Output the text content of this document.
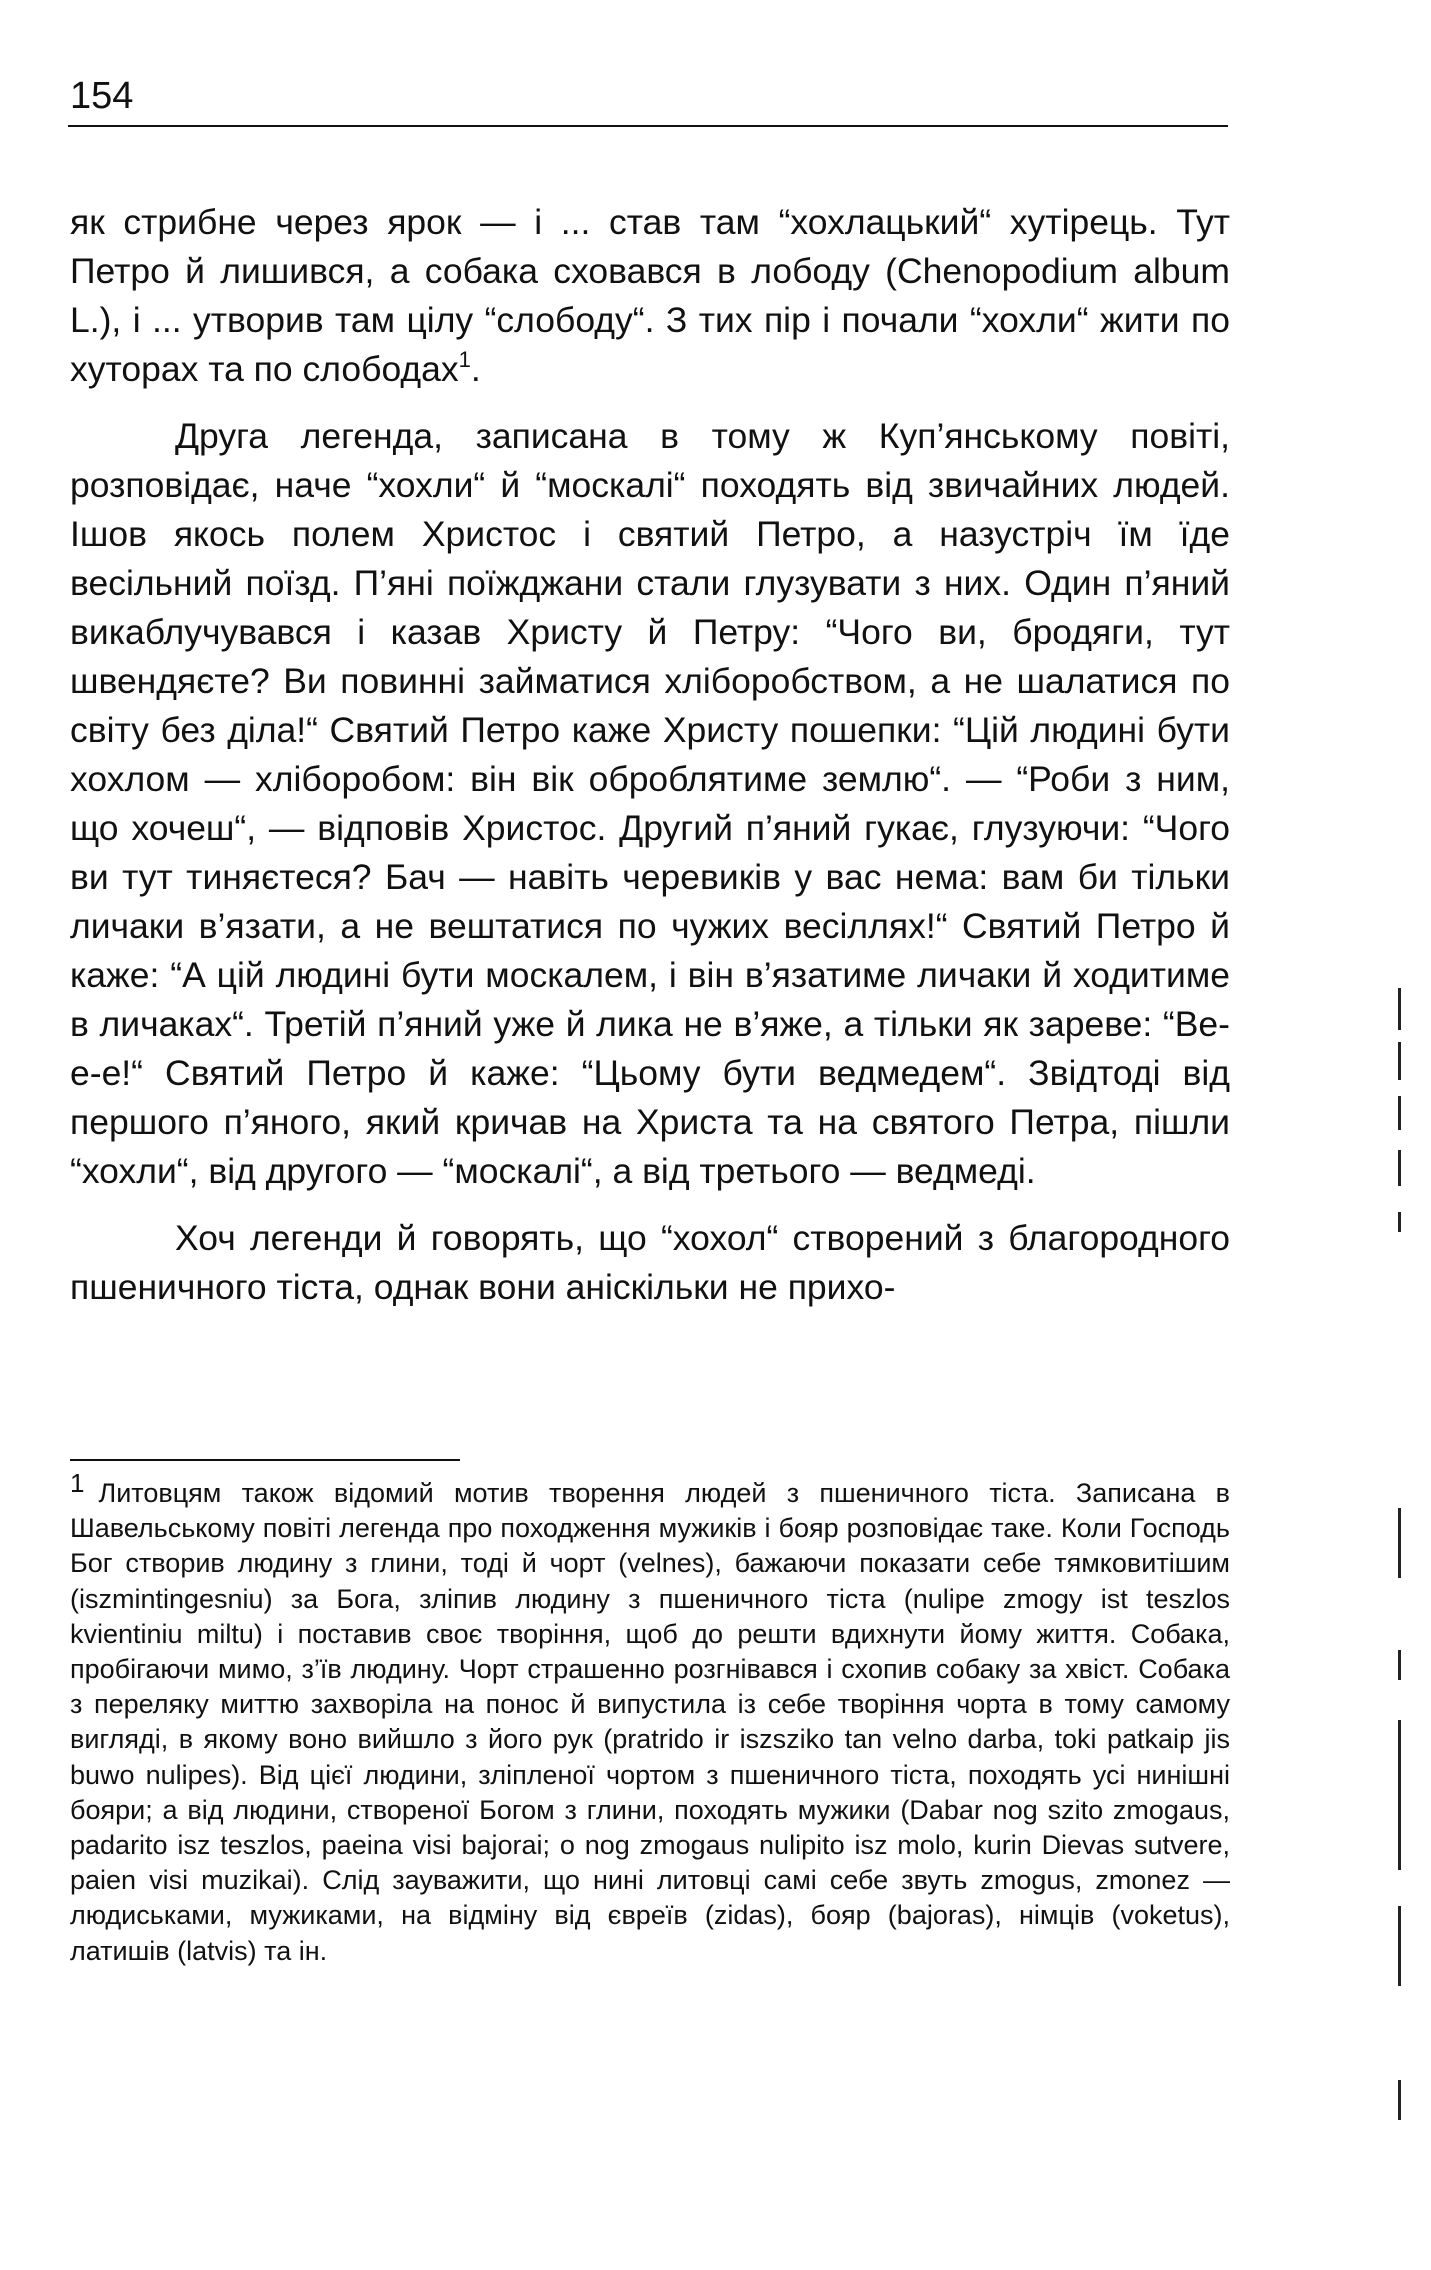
154

як стрибне через ярок — і ... став там “хохлацький“ хутірець. Тут Петро й лишився, а собака сховався в лободу (Chenopodium album L.), і ... утворив там цілу “слободу“. З тих пір і почали “хохли“ жити по хуторах та по слободах$^1$.

Друга легенда, записана в тому ж Куп’янському повіті, розповідає, наче “хохли“ й “москалі“ походять від звичайних людей. Ішов якось полем Христос і святий Петро, а назустріч їм їде весільний поїзд. П’яні поїжджани стали глузувати з них. Один п’яний викаблучувався і казав Христу й Петру: “Чого ви, бродяги, тут швендяєте? Ви повинні займатися хліборобством, а не шалатися по світу без діла!“ Святий Петро каже Христу пошепки: “Цій людині бути хохлом — хліборобом: він вік оброблятиме землю“. — “Роби з ним, що хочеш“, — відповів Христос. Другий п’яний гукає, глузуючи: “Чого ви тут тиняєтеся? Бач — навіть черевиків у вас нема: вам би тільки личаки в’язати, а не вештатися по чужих весіллях!“ Святий Петро й каже: “А цій людині бути москалем, і він в’язатиме личаки й ходитиме в личаках“. Третій п’яний уже й лика не в’яже, а тільки як зареве: “Ве-е-е!“ Святий Петро й каже: “Цьому бути ведмедем“. Звідтоді від першого п’яного, який кричав на Христа та на святого Петра, пішли “хохли“, від другого — “москалі“, а від третього — ведмеді.

Хоч легенди й говорять, що “хохол“ створений з благородного пшеничного тіста, однак вони аніскільки не прихо-

1 Литовцям також відомий мотив творення людей з пшеничного тіста. Записана в Шавельському повіті легенда про походження мужиків і бояр розповідає таке. Коли Господь Бог створив людину з глини, тоді й чорт (velnes), бажаючи показати себе тямковитішим (iszmintingesniu) за Бога, зліпив людину з пшеничного тіста (nulipe zmogy ist teszlos kvientiniu miltu) і поставив своє творіння, щоб до решти вдихнути йому життя. Собака, пробігаючи мимо, з’їв людину. Чорт страшенно розгнівався і схопив собаку за хвіст. Собака з переляку миттю захворіла на понос й випустила із себе творіння чорта в тому самому вигляді, в якому воно вийшло з його рук (pratrido ir iszsziko tan velno darba, toki patkaip jis buwo nulipes). Від цієї людини, зліпленої чортом з пшеничного тіста, походять усі нинішні бояри; а від людини, створеної Богом з глини, походять мужики (Dabar nog szito zmogaus, padarito isz teszlos, paeina visi bajorai; o nog zmogaus nulipito isz molo, kurin Dievas sutvere, paien visi muzikai). Слід зауважити, що нині литовці самі себе звуть zmogus, zmonez — людиськами, мужиками, на відміну від євреїв (zidas), бояр (bajoras), німців (voketus), латишів (latvis) та ін.
